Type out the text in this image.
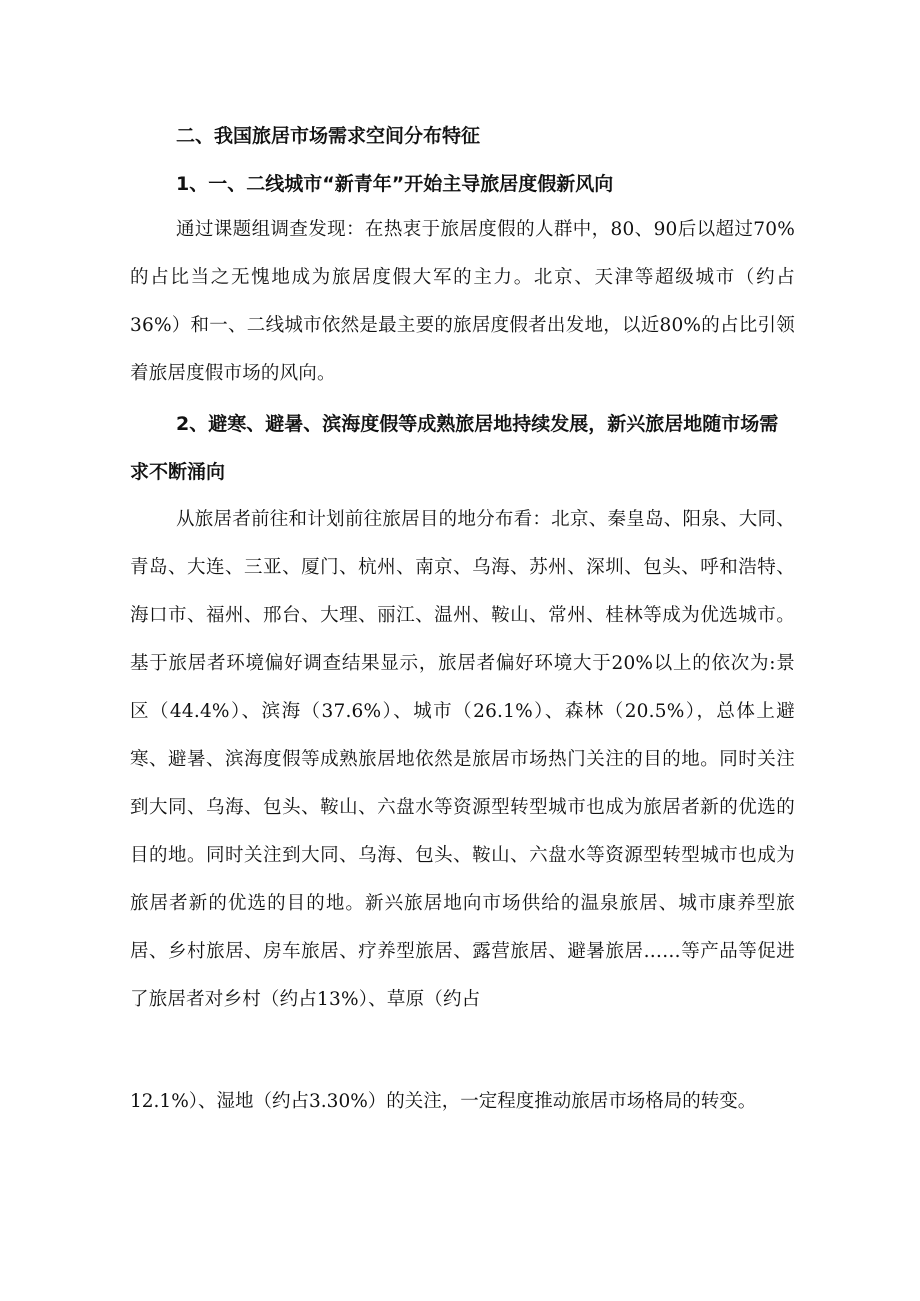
二、我国旅居市场需求空间分布特征
1、一、二线城市“新青年”开始主导旅居度假新风向
通过课题组调查发现：在热衷于旅居度假的人群中，80、90后以超过70%的占比当之无愧地成为旅居度假大军的主力。北京、天津等超级城市（约占36%）和一、二线城市依然是最主要的旅居度假者出发地，以近80%的占比引领着旅居度假市场的风向。
2、避寒、避暑、滨海度假等成熟旅居地持续发展，新兴旅居地随市场需求不断涌向
从旅居者前往和计划前往旅居目的地分布看：北京、秦皇岛、阳泉、大同、青岛、大连、三亚、厦门、杭州、南京、乌海、苏州、深圳、包头、呼和浩特、海口市、福州、邢台、大理、丽江、温州、鞍山、常州、桂林等成为优选城市。基于旅居者环境偏好调查结果显示，旅居者偏好环境大于20%以上的依次为:景区（44.4%）、滨海（37.6%）、城市（26.1%）、森林（20.5%），总体上避寒、避暑、滨海度假等成熟旅居地依然是旅居市场热门关注的目的地。同时关注到大同、乌海、包头、鞍山、六盘水等资源型转型城市也成为旅居者新的优选的目的地。同时关注到大同、乌海、包头、鞍山、六盘水等资源型转型城市也成为旅居者新的优选的目的地。新兴旅居地向市场供给的温泉旅居、城市康养型旅居、乡村旅居、房车旅居、疗养型旅居、露营旅居、避暑旅居……等产品等促进了旅居者对乡村（约占13%）、草原（约占
12.1%）、湿地（约占3.30%）的关注，一定程度推动旅居市场格局的转变。
